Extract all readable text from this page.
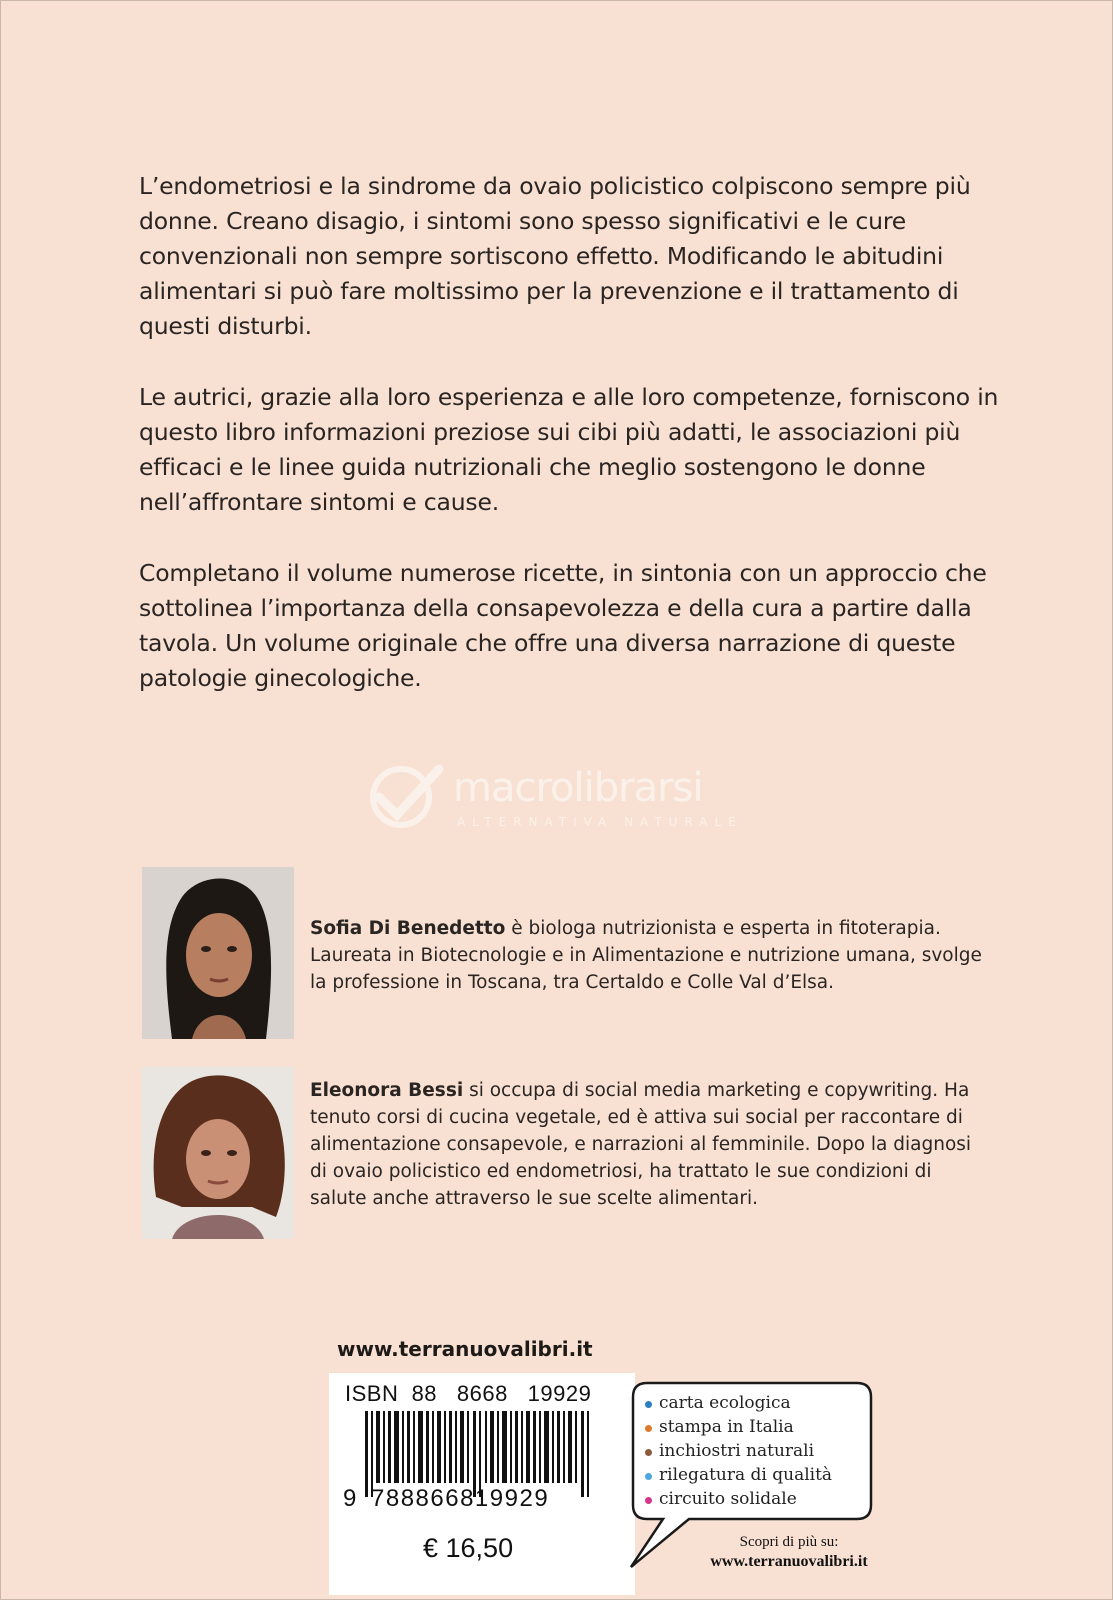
L’endometriosi e la sindrome da ovaio policistico colpiscono sempre più donne. Creano disagio, i sintomi sono spesso significativi e le cure convenzionali non sempre sortiscono effetto. Modificando le abitudini alimentari si può fare moltissimo per la prevenzione e il trattamento di questi disturbi.

Le autrici, grazie alla loro esperienza e alle loro competenze, forniscono in questo libro informazioni preziose sui cibi più adatti, le associazioni più efficaci e le linee guida nutrizionali che meglio sostengono le donne nell’affrontare sintomi e cause.

Completano il volume numerose ricette, in sintonia con un approccio che sottolinea l’importanza della consapevolezza e della cura a partire dalla tavola. Un volume originale che offre una diversa narrazione di queste patologie ginecologiche.

macrolibrarsi
ALTERNATIVA NATURALE
Sofia Di Benedetto è biologa nutrizionista e esperta in fitoterapia. Laureata in Biotecnologie e in Alimentazione e nutrizione umana, svolge la professione in Toscana, tra Certaldo e Colle Val d’Elsa.
Eleonora Bessi si occupa di social media marketing e copywriting. Ha tenuto corsi di cucina vegetale, ed è attiva sui social per raccontare di alimentazione consapevole, e narrazioni al femminile. Dopo la diagnosi di ovaio policistico ed endometriosi, ha trattato le sue condizioni di salute anche attraverso le sue scelte alimentari.
www.terranuovalibri.it
ISBN  88   8668   19929
9 788866819929
€ 16,50
carta ecologica
stampa in Italia
inchiostri naturali
rilegatura di qualità
circuito solidale
Scopri di più su:
www.terranuovalibri.it
